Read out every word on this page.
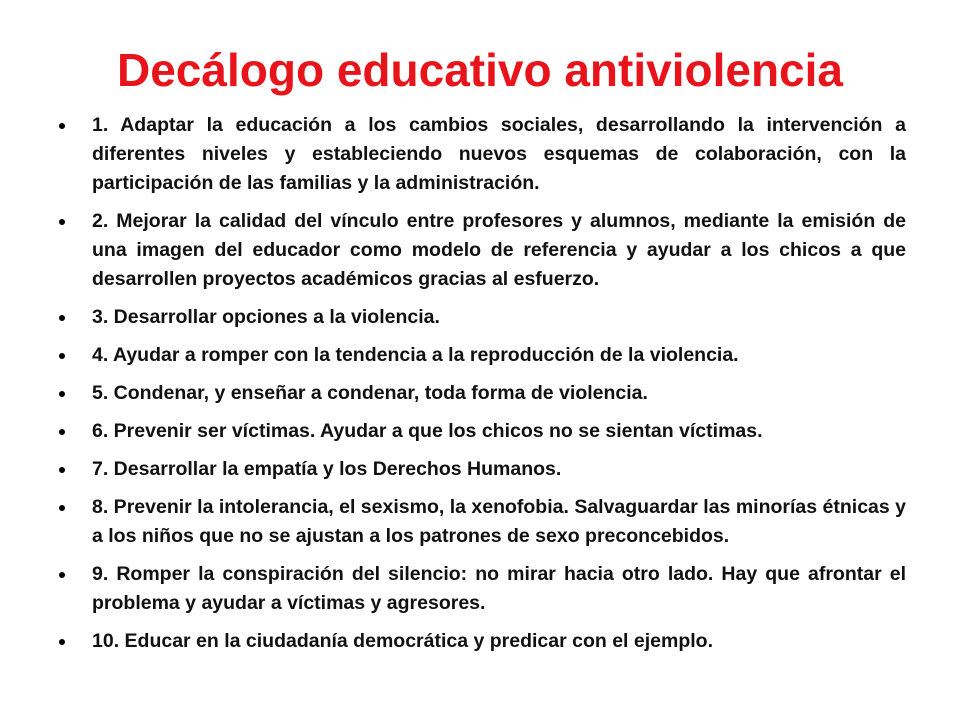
Decálogo educativo antiviolencia
1. Adaptar la educación a los cambios sociales, desarrollando la intervención a diferentes niveles y estableciendo nuevos esquemas de colaboración, con la participación de las familias y la administración.
2. Mejorar la calidad del vínculo entre profesores y alumnos, mediante la emisión de una imagen del educador como modelo de referencia y ayudar a los chicos a que desarrollen proyectos académicos gracias al esfuerzo.
3. Desarrollar opciones a la violencia.
4. Ayudar a romper con la tendencia a la reproducción de la violencia.
5. Condenar, y enseñar a condenar, toda forma de violencia.
6. Prevenir ser víctimas. Ayudar a que los chicos no se sientan víctimas.
7. Desarrollar la empatía y los Derechos Humanos.
8. Prevenir la intolerancia, el sexismo, la xenofobia. Salvaguardar las minorías étnicas y a los niños que no se ajustan a los patrones de sexo preconcebidos.
9. Romper la conspiración del silencio: no mirar hacia otro lado. Hay que afrontar el problema y ayudar a víctimas y agresores.
10. Educar en la ciudadanía democrática y predicar con el ejemplo.
